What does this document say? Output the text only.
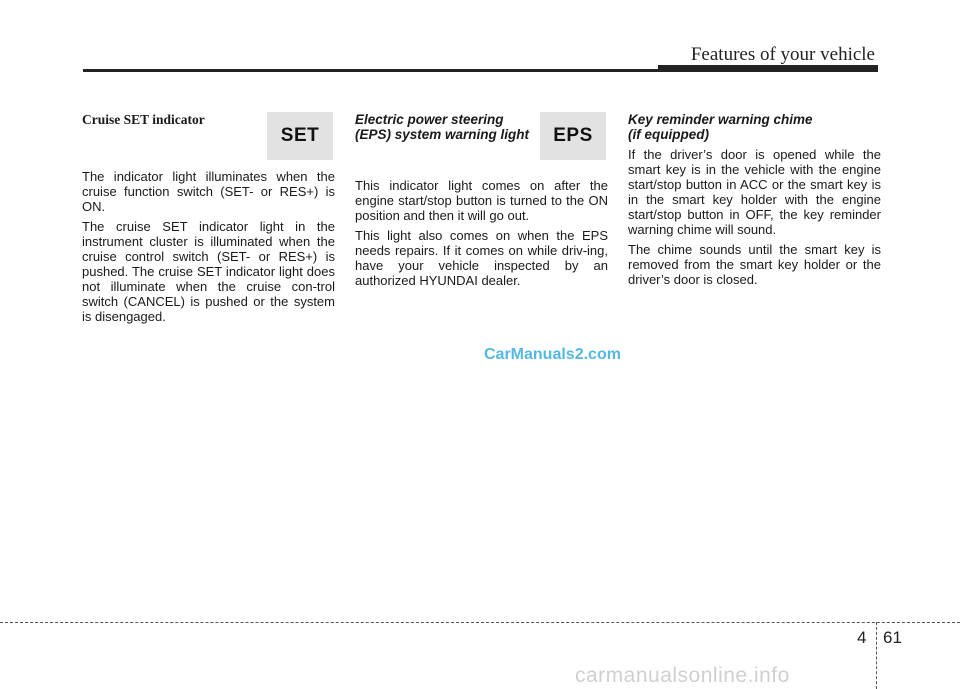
Features of your vehicle

Cruise SET indicator

The indicator light illuminates when the cruise function switch (SET- or RES+) is ON.

The cruise SET indicator light in the instrument cluster is illuminated when the cruise control switch (SET- or RES+) is pushed. The cruise SET indicator light does not illuminate when the cruise con-trol switch (CANCEL) is pushed or the system is disengaged.

SET

Electric power steering

(EPS) system warning light

This indicator light comes on after the engine start/stop button is turned to the ON position and then it will go out.

This light also comes on when the EPS needs repairs. If it comes on while driv-ing, have your vehicle inspected by an authorized HYUNDAI dealer.

EPS

Key reminder warning chime

(if equipped)

If the driver’s door is opened while the smart key is in the vehicle with the engine start/stop button in ACC or the smart key is in the smart key holder with the engine start/stop button in OFF, the key reminder warning chime will sound.

The chime sounds until the smart key is removed from the smart key holder or the driver’s door is closed.

CarManuals2.com
4 61
carmanualsonline.info
